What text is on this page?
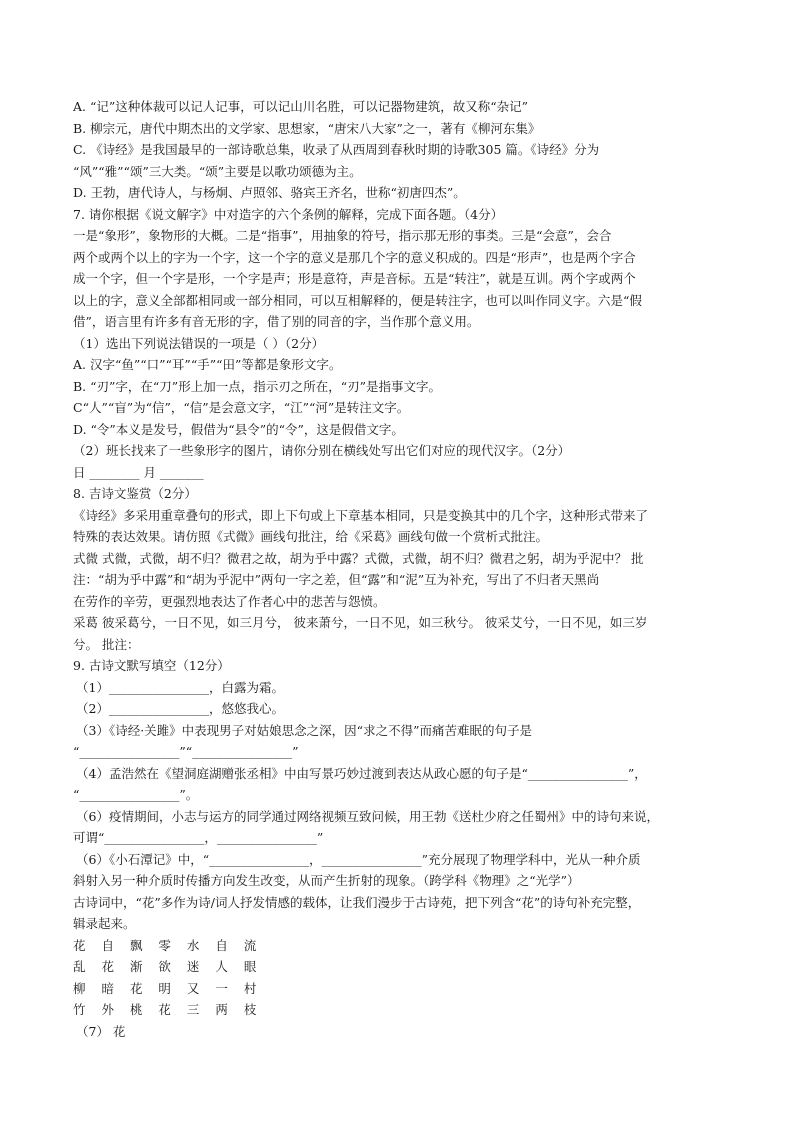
A. “记”这种体裁可以记人记事，可以记山川名胜，可以记器物建筑，故又称“杂记”
B. 柳宗元，唐代中期杰出的文学家、思想家，“唐宋八大家”之一，著有《柳河东集》
C. 《诗经》是我国最早的一部诗歌总集，收录了从西周到春秋时期的诗歌305 篇。《诗经》分为
“风”“雅”“颂”三大类。“颂”主要是以歌功颂德为主。
D. 王勃，唐代诗人，与杨炯、卢照邻、骆宾王齐名，世称“初唐四杰”。
7. 请你根据《说文解字》中对造字的六个条例的解释，完成下面各题。（4分）
一是“象形”，象物形的大概。二是“指事”，用抽象的符号，指示那无形的事类。三是“会意”，会合
两个或两个以上的字为一个字，这一个字的意义是那几个字的意义积成的。四是“形声”，也是两个字合
成一个字，但一个字是形，一个字是声；形是意符，声是音标。五是“转注”，就是互训。两个字或两个
以上的字，意义全部都相同或一部分相同，可以互相解释的，便是转注字，也可以叫作同义字。六是“假
借”，语言里有许多有音无形的字，借了别的同音的字，当作那个意义用。
（1）选出下列说法错误的一项是（ ）（2分）
A. 汉字“鱼”“口”“耳”“手”“田”等都是象形文字。
B. “刃”字，在“刀”形上加一点，指示刃之所在，“刃”是指事文字。
C“人”“盲”为“信”，“信”是会意文字，“江”“河”是转注文字。
D. “令”本义是发号，假借为“县令”的“令”，这是假借文字。
（2）班长找来了一些象形字的图片，请你分别在横线处写出它们对应的现代汉字。（2分）
日 ________ 月 _______
8. 吉诗文鉴赏（2分）
《诗经》多采用重章叠句的形式，即上下句或上下章基本相同，只是变换其中的几个字，这种形式带来了
特殊的表达效果。请仿照《式微》画线句批注，给《采葛》画线句做一个赏析式批注。
式微 式微，式微，胡不归？微君之故，胡为乎中露？式微，式微，胡不归？微君之躬，胡为乎泥中？ 批
注：“胡为乎中露”和“胡为乎泥中”两句一字之差，但“露”和“泥”互为补充，写出了不归者天黑尚
在劳作的辛劳，更强烈地表达了作者心中的悲苦与怨愤。
采葛 彼采葛兮，一日不见，如三月兮， 彼来萧兮，一日不见，如三秋兮。 彼采艾兮，一日不见，如三岁
兮。 批注：
9. 古诗文默写填空（12分）
（1）________________，白露为霜。
（2）________________，悠悠我心。
（3）《诗经·关雎》中表现男子对姑娘思念之深，因“求之不得”而痛苦难眠的句子是
“________________”“________________”
（4）孟浩然在《望洞庭湖赠张丞相》中由写景巧妙过渡到表达从政心愿的句子是“________________”，
“________________”。
（6）疫情期间，小志与运方的同学通过网络视频互致问候，用王勃《送杜少府之任蜀州》中的诗句来说，
可谓“________________，________________”
（6）《小石潭记》中，“________________，________________”充分展现了物理学科中，光从一种介质
斜射入另一种介质时传播方向发生改变，从而产生折射的现象。（跨学科《物理》之“光学”）
古诗词中，“花”多作为诗/词人抒发情感的载体，让我们漫步于古诗苑，把下列含“花”的诗句补充完整，
辑录起来。
花 自 飘 零 水 自 流
乱 花 渐 欲 迷 人 眼
柳 暗 花 明 又 一 村
竹 外 桃 花 三 两 枝
（7） 花
